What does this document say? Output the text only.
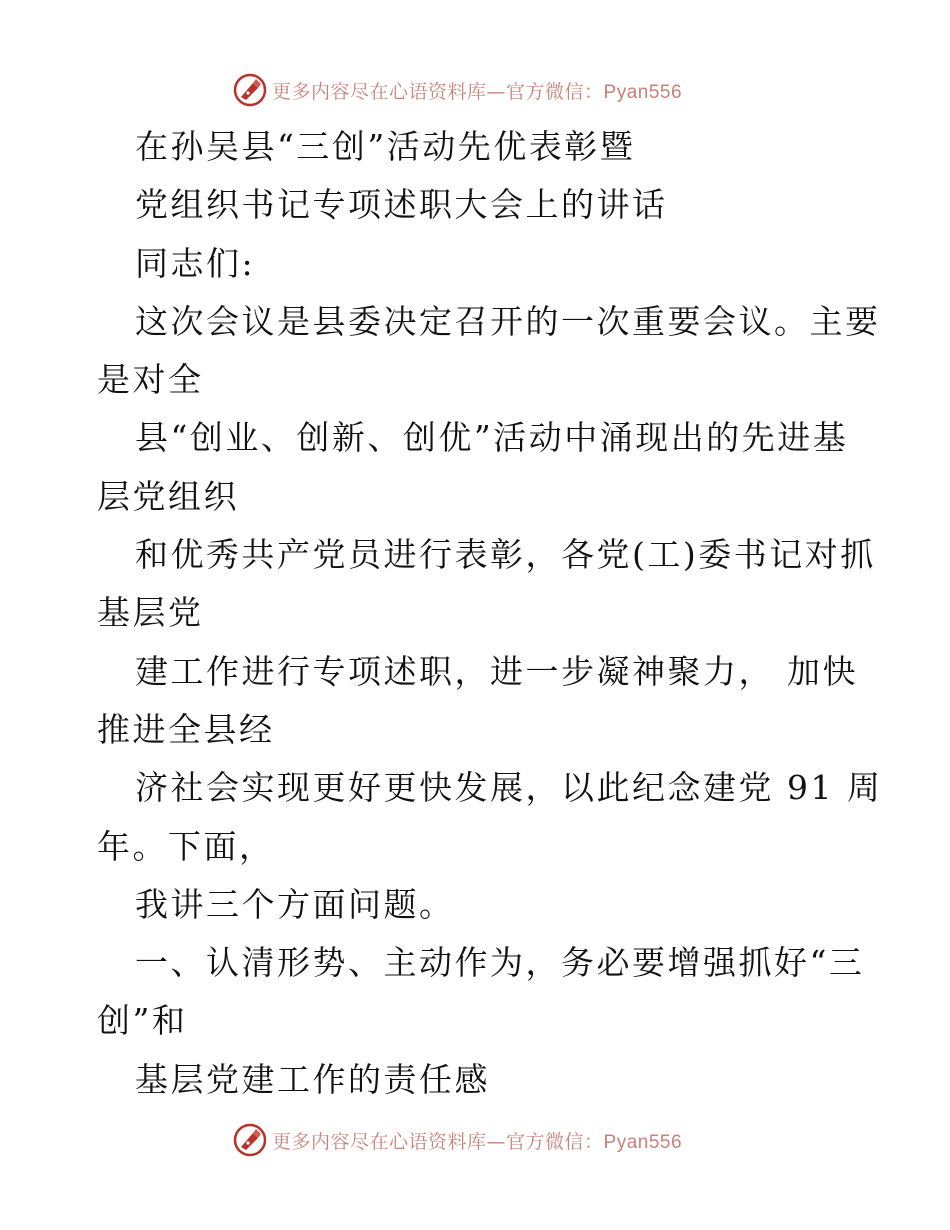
更多内容尽在心语资料库—官方微信：Pyan556
在孙吴县“三创”活动先优表彰暨
党组织书记专项述职大会上的讲话
同志们:
这次会议是县委决定召开的一次重要会议。主要
是对全
县“创业、创新、创优”活动中涌现出的先进基
层党组织
和优秀共产党员进行表彰，各党(工)委书记对抓
基层党
建工作进行专项述职，进一步凝神聚力， 加快
推进全县经
济社会实现更好更快发展，以此纪念建党 91 周
年。下面，
我讲三个方面问题。
一、认清形势、主动作为，务必要增强抓好“三
创”和
基层党建工作的责任感
更多内容尽在心语资料库—官方微信：Pyan556
